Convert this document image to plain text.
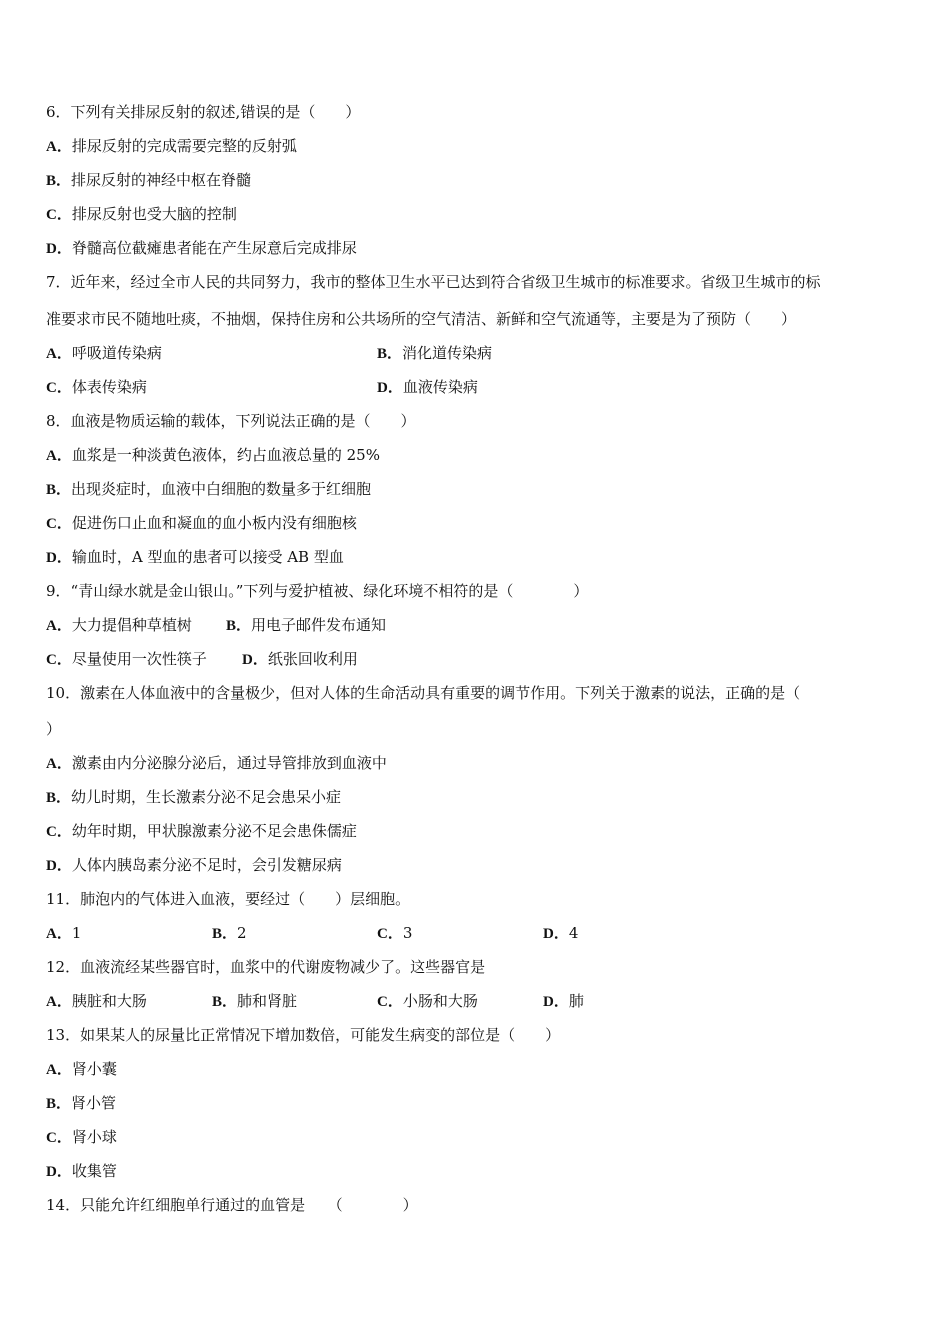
6．下列有关排尿反射的叙述,错误的是（　　）
A．排尿反射的完成需要完整的反射弧
B．排尿反射的神经中枢在脊髓
C．排尿反射也受大脑的控制
D．脊髓高位截瘫患者能在产生尿意后完成排尿
7．近年来，经过全市人民的共同努力，我市的整体卫生水平已达到符合省级卫生城市的标准要求。省级卫生城市的标
准要求市民不随地吐痰，不抽烟，保持住房和公共场所的空气清洁、新鲜和空气流通等，主要是为了预防（　　）
A．呼吸道传染病	B．消化道传染病
C．体表传染病	D．血液传染病
8．血液是物质运输的载体，下列说法正确的是（　　）
A．血浆是一种淡黄色液体，约占血液总量的 25%
B．出现炎症时，血液中白细胞的数量多于红细胞
C．促进伤口止血和凝血的血小板内没有细胞核
D．输血时，A 型血的患者可以接受 AB 型血
9．“青山绿水就是金山银山。”下列与爱护植被、绿化环境不相符的是（　　　　）
A．大力提倡种草植树 B．用电子邮件发布通知
C．尽量使用一次性筷子 D．纸张回收利用
10．激素在人体血液中的含量极少，但对人体的生命活动具有重要的调节作用。下列关于激素的说法，正确的是（
）
A．激素由内分泌腺分泌后，通过导管排放到血液中
B．幼儿时期，生长激素分泌不足会患呆小症
C．幼年时期，甲状腺激素分泌不足会患侏儒症
D．人体内胰岛素分泌不足时，会引发糖尿病
11．肺泡内的气体进入血液，要经过（　　）层细胞。
A．1	B．2	C．3	D．4
12．血液流经某些器官时，血浆中的代谢废物减少了。这些器官是
A．胰脏和大肠	B．肺和肾脏	C．小肠和大肠	D．肺
13．如果某人的尿量比正常情况下增加数倍，可能发生病变的部位是（　　）
A．肾小囊
B．肾小管
C．肾小球
D．收集管
14．只能允许红细胞单行通过的血管是　　（　　　　）
